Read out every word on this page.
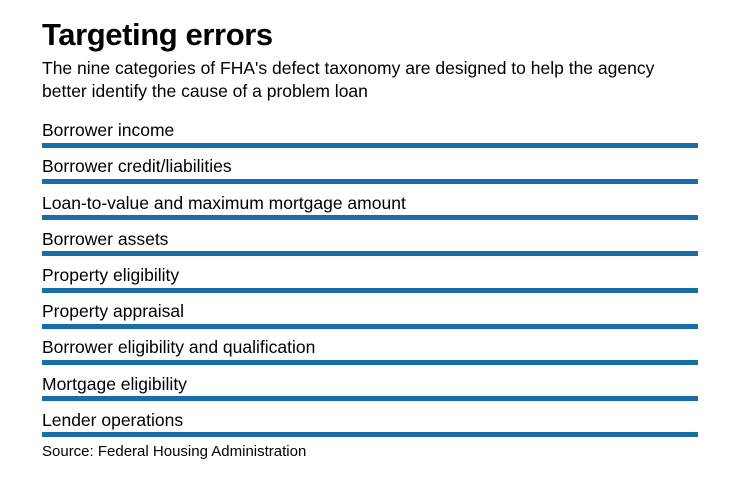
Targeting errors

The nine categories of FHA's defect taxonomy are designed to help the agency better identify the cause of a problem loan

Borrower income
Borrower credit/liabilities
Loan-to-value and maximum mortgage amount
Borrower assets
Property eligibility
Property appraisal
Borrower eligibility and qualification
Mortgage eligibility
Lender operations
Source: Federal Housing Administration
